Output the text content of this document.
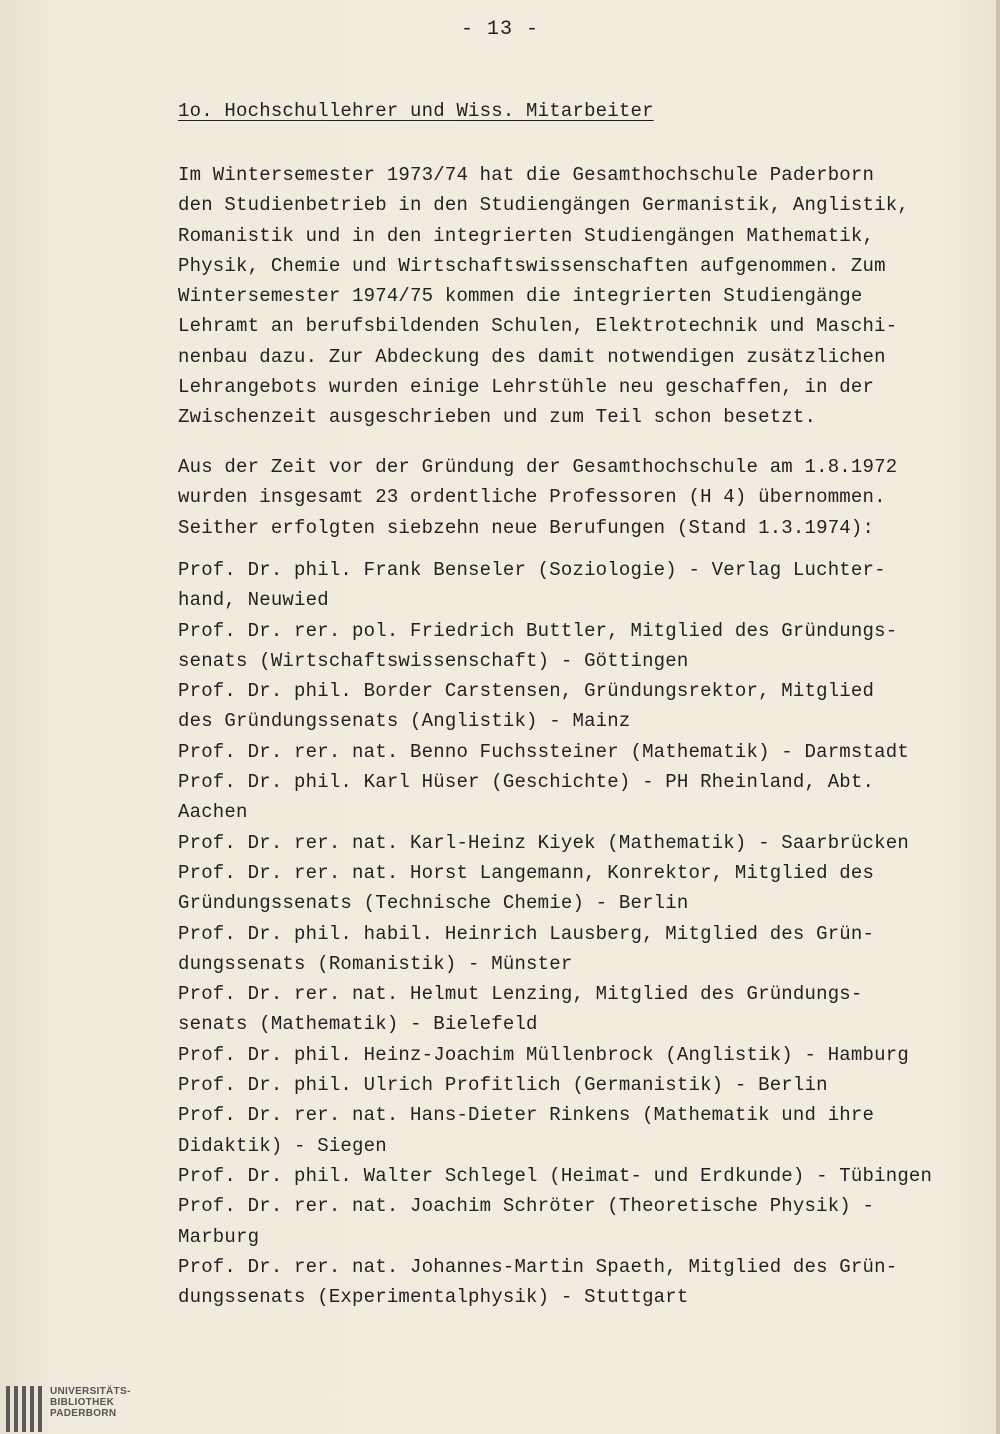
- 13 -
1o. Hochschullehrer und Wiss. Mitarbeiter
Im Wintersemester 1973/74 hat die Gesamthochschule Paderborn
den Studienbetrieb in den Studiengängen Germanistik, Anglistik,
Romanistik und in den integrierten Studiengängen Mathematik,
Physik, Chemie und Wirtschaftswissenschaften aufgenommen. Zum
Wintersemester 1974/75 kommen die integrierten Studiengänge
Lehramt an berufsbildenden Schulen, Elektrotechnik und Maschi-
nenbau dazu. Zur Abdeckung des damit notwendigen zusätzlichen
Lehrangebots wurden einige Lehrstühle neu geschaffen, in der
Zwischenzeit ausgeschrieben und zum Teil schon besetzt.
Aus der Zeit vor der Gründung der Gesamthochschule am 1.8.1972
wurden insgesamt 23 ordentliche Professoren (H 4) übernommen.
Seither erfolgten siebzehn neue Berufungen (Stand 1.3.1974):
Prof. Dr. phil. Frank Benseler (Soziologie) - Verlag Luchter-
hand, Neuwied
Prof. Dr. rer. pol. Friedrich Buttler, Mitglied des Gründungs-
senats (Wirtschaftswissenschaft) - Göttingen
Prof. Dr. phil. Border Carstensen, Gründungsrektor, Mitglied
des Gründungssenats (Anglistik) - Mainz
Prof. Dr. rer. nat. Benno Fuchssteiner (Mathematik) - Darmstadt
Prof. Dr. phil. Karl Hüser (Geschichte) - PH Rheinland, Abt.
Aachen
Prof. Dr. rer. nat. Karl-Heinz Kiyek (Mathematik) - Saarbrücken
Prof. Dr. rer. nat. Horst Langemann, Konrektor, Mitglied des
Gründungssenats (Technische Chemie) - Berlin
Prof. Dr. phil. habil. Heinrich Lausberg, Mitglied des Grün-
dungssenats (Romanistik) - Münster
Prof. Dr. rer. nat. Helmut Lenzing, Mitglied des Gründungs-
senats (Mathematik) - Bielefeld
Prof. Dr. phil. Heinz-Joachim Müllenbrock (Anglistik) - Hamburg
Prof. Dr. phil. Ulrich Profitlich (Germanistik) - Berlin
Prof. Dr. rer. nat. Hans-Dieter Rinkens (Mathematik und ihre
Didaktik) - Siegen
Prof. Dr. phil. Walter Schlegel (Heimat- und Erdkunde) - Tübingen
Prof. Dr. rer. nat. Joachim Schröter (Theoretische Physik) -
Marburg
Prof. Dr. rer. nat. Johannes-Martin Spaeth, Mitglied des Grün-
dungssenats (Experimentalphysik) - Stuttgart
UNIVERSITÄTS-
BIBLIOTHEK
PADERBORN
